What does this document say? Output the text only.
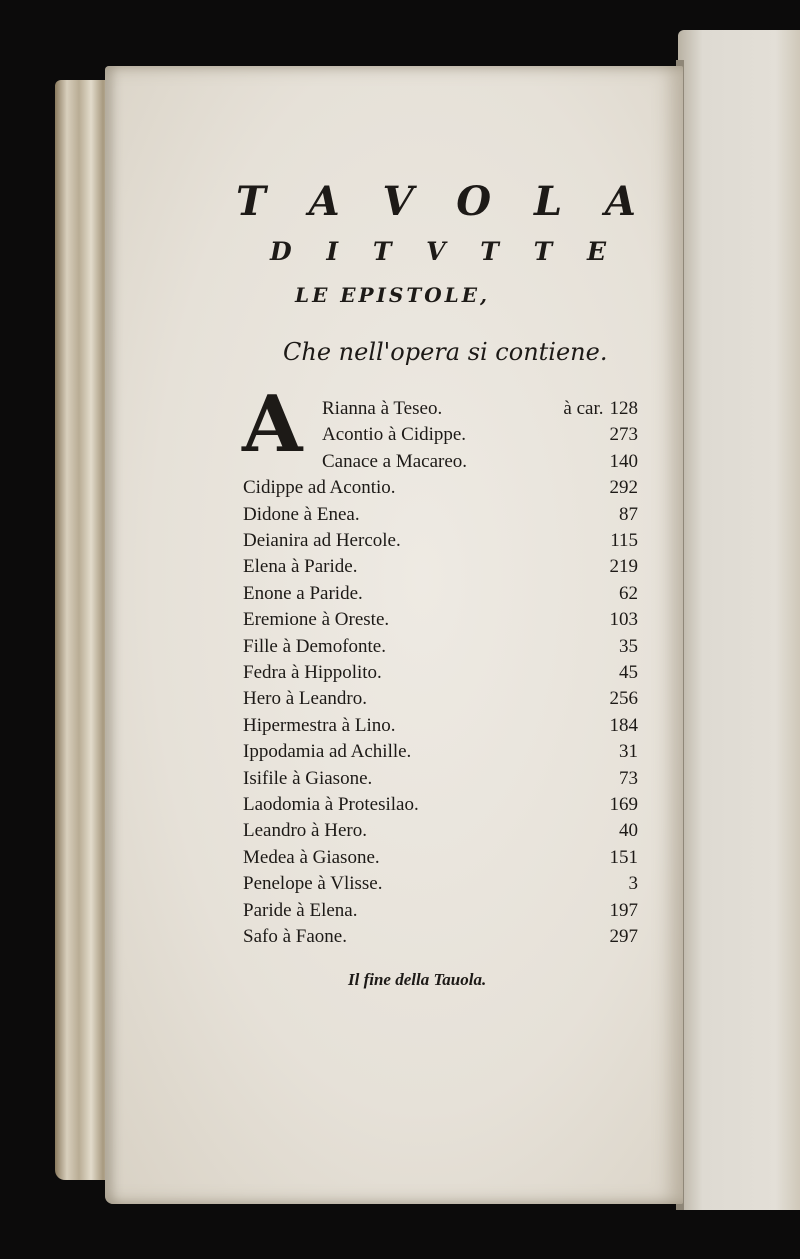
T A V O L A
D I T V T T E
LE EPISTOLE,
Che nell'opera si contiene.
A Rianna à Teseo.	à car. 128
Acontio à Cidippe.	273
Canace a Macareo.	140
Cidippe ad Acontio.	292
Didone à Enea.	87
Deianira ad Hercole.	115
Elena à Paride.	219
Enone a Paride.	62
Eremione à Oreste.	103
Fille à Demofonte.	35
Fedra à Hippolito.	45
Hero à Leandro.	256
Hipermestra à Lino.	184
Ippodamia ad Achille.	31
Isifile à Giasone.	73
Laodomia à Protesilao.	169
Leandro à Hero.	40
Medea à Giasone.	151
Penelope à Vlisse.	3
Paride à Elena.	197
Safo à Faone.	297
Il fine della Tauola.
